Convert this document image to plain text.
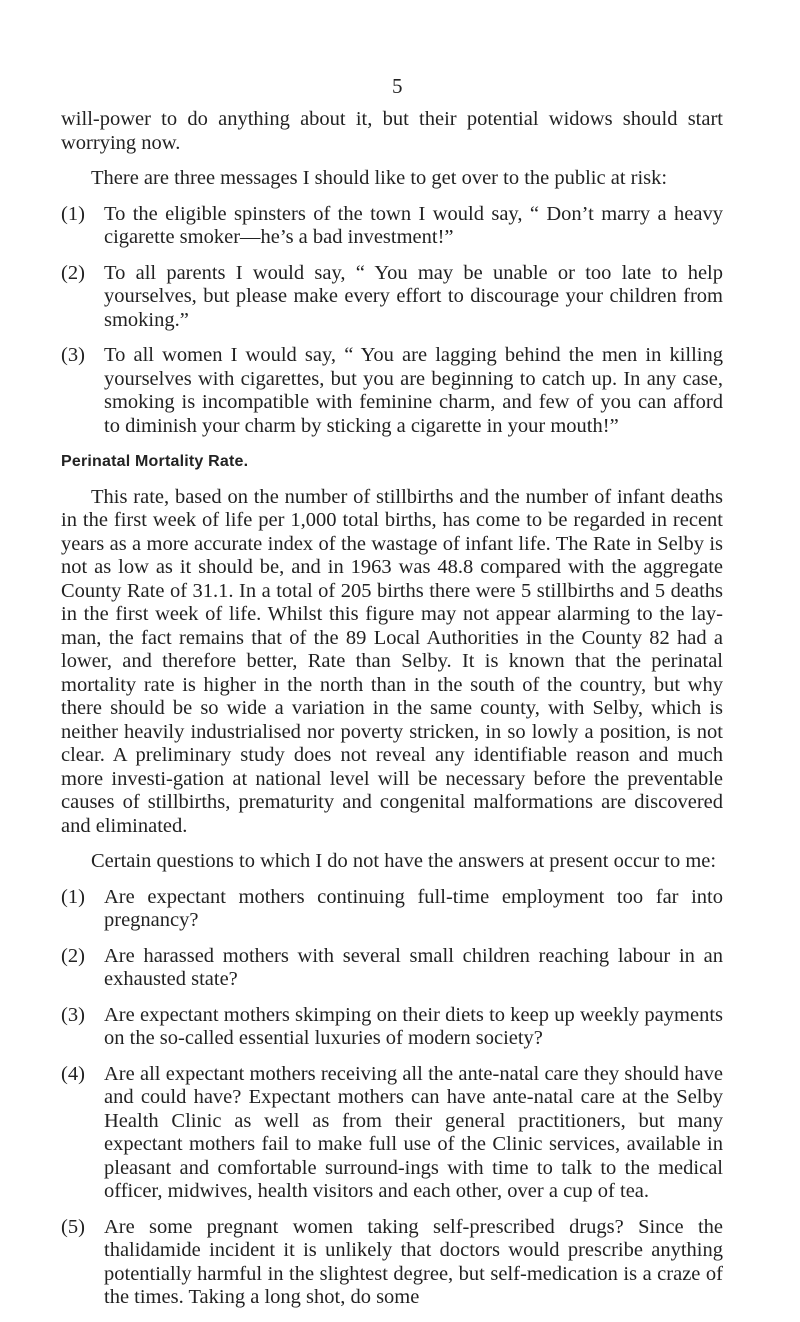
5

will-power to do anything about it, but their potential widows should start worrying now.

There are three messages I should like to get over to the public at risk:

(1) To the eligible spinsters of the town I would say, “ Don’t marry a heavy cigarette smoker—he’s a bad investment!”
(2) To all parents I would say, “ You may be unable or too late to help yourselves, but please make every effort to discourage your children from smoking.”
(3) To all women I would say, “ You are lagging behind the men in killing yourselves with cigarettes, but you are beginning to catch up. In any case, smoking is incompatible with feminine charm, and few of you can afford to diminish your charm by sticking a cigarette in your mouth!”
Perinatal Mortality Rate.

This rate, based on the number of stillbirths and the number of infant deaths in the first week of life per 1,000 total births, has come to be regarded in recent years as a more accurate index of the wastage of infant life. The Rate in Selby is not as low as it should be, and in 1963 was 48.8 compared with the aggregate County Rate of 31.1. In a total of 205 births there were 5 stillbirths and 5 deaths in the first week of life. Whilst this figure may not appear alarming to the lay-man, the fact remains that of the 89 Local Authorities in the County 82 had a lower, and therefore better, Rate than Selby. It is known that the perinatal mortality rate is higher in the north than in the south of the country, but why there should be so wide a variation in the same county, with Selby, which is neither heavily industrialised nor poverty stricken, in so lowly a position, is not clear. A preliminary study does not reveal any identifiable reason and much more investi-gation at national level will be necessary before the preventable causes of stillbirths, prematurity and congenital malformations are discovered and eliminated.

Certain questions to which I do not have the answers at present occur to me:

(1) Are expectant mothers continuing full-time employment too far into pregnancy?
(2) Are harassed mothers with several small children reaching labour in an exhausted state?
(3) Are expectant mothers skimping on their diets to keep up weekly payments on the so-called essential luxuries of modern society?
(4) Are all expectant mothers receiving all the ante-natal care they should have and could have? Expectant mothers can have ante-natal care at the Selby Health Clinic as well as from their general practitioners, but many expectant mothers fail to make full use of the Clinic services, available in pleasant and comfortable surround-ings with time to talk to the medical officer, midwives, health visitors and each other, over a cup of tea.
(5) Are some pregnant women taking self-prescribed drugs? Since the thalidamide incident it is unlikely that doctors would prescribe anything potentially harmful in the slightest degree, but self-medication is a craze of the times. Taking a long shot, do some
